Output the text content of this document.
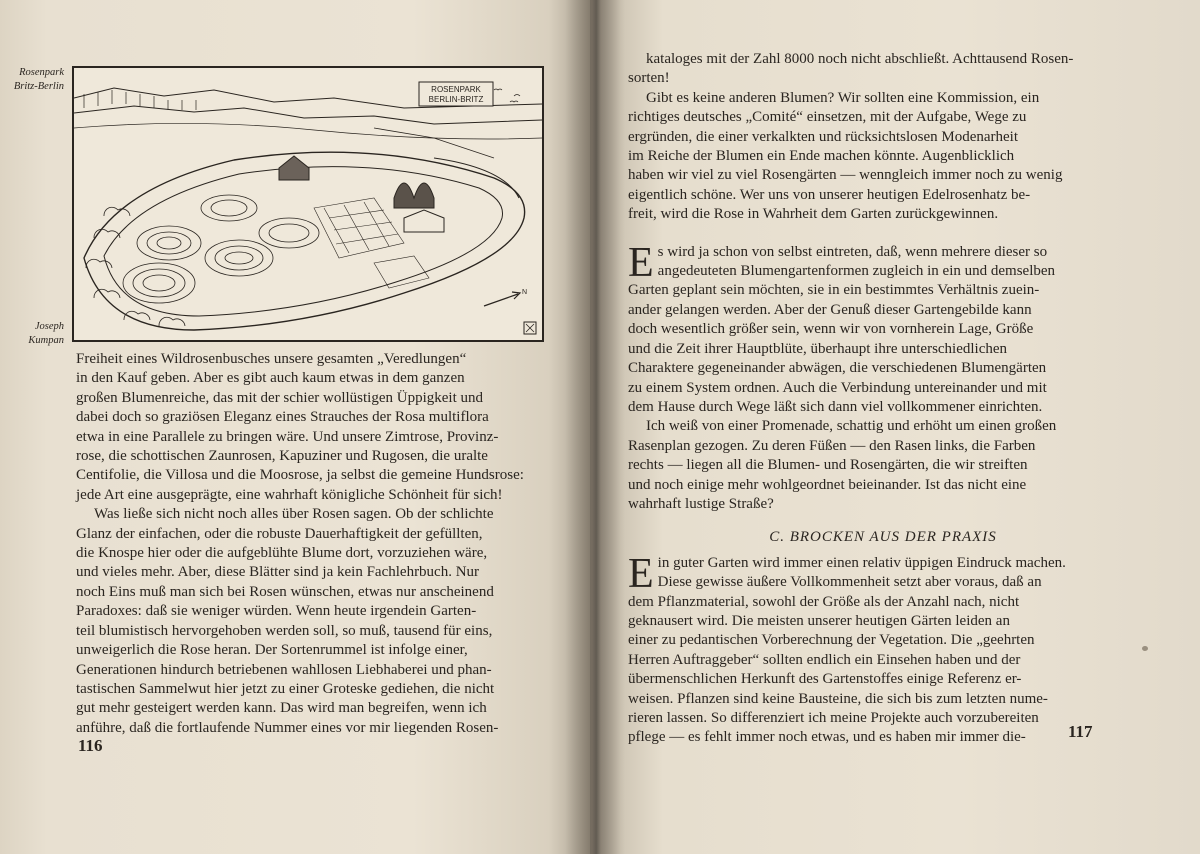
Rosenpark
Britz-Berlin
Joseph
Kumpan
ROSENPARK
BERLIN-BRITZ
N

Freiheit eines Wildrosenbusches unsere gesamten „Veredlungen“

in den Kauf geben. Aber es gibt auch kaum etwas in dem ganzen

großen Blumenreiche, das mit der schier wollüstigen Üppigkeit und

dabei doch so graziösen Eleganz eines Strauches der Rosa multiflora

etwa in eine Parallele zu bringen wäre. Und unsere Zimtrose, Provinz-

rose, die schottischen Zaunrosen, Kapuziner und Rugosen, die uralte

Centifolie, die Villosa und die Moosrose, ja selbst die gemeine Hundsrose:

jede Art eine ausgeprägte, eine wahrhaft königliche Schönheit für sich!

Was ließe sich nicht noch alles über Rosen sagen. Ob der schlichte

Glanz der einfachen, oder die robuste Dauerhaftigkeit der gefüllten,

die Knospe hier oder die aufgeblühte Blume dort, vorzuziehen wäre,

und vieles mehr. Aber, diese Blätter sind ja kein Fachlehrbuch. Nur

noch Eins muß man sich bei Rosen wünschen, etwas nur anscheinend

Paradoxes: daß sie weniger würden. Wenn heute irgendein Garten-

teil blumistisch hervorgehoben werden soll, so muß, tausend für eins,

unweigerlich die Rose heran. Der Sortenrummel ist infolge einer,

Generationen hindurch betriebenen wahllosen Liebhaberei und phan-

tastischen Sammelwut hier jetzt zu einer Groteske gediehen, die nicht

gut mehr gesteigert werden kann. Das wird man begreifen, wenn ich

anführe, daß die fortlaufende Nummer eines vor mir liegenden Rosen-

116

kataloges mit der Zahl 8000 noch nicht abschließt. Achttausend Rosen-

sorten!

Gibt es keine anderen Blumen? Wir sollten eine Kommission, ein

richtiges deutsches „Comité“ einsetzen, mit der Aufgabe, Wege zu

ergründen, die einer verkalkten und rücksichtslosen Modenarheit

im Reiche der Blumen ein Ende machen könnte. Augenblicklich

haben wir viel zu viel Rosengärten — wenngleich immer noch zu wenig

eigentlich schöne. Wer uns von unserer heutigen Edelrosenhatz be-

freit, wird die Rose in Wahrheit dem Garten zurückgewinnen.

E s wird ja schon von selbst eintreten, daß, wenn mehrere dieser so

angedeuteten Blumengartenformen zugleich in ein und demselben

Garten geplant sein möchten, sie in ein bestimmtes Verhältnis zuein-

ander gelangen werden. Aber der Genuß dieser Gartengebilde kann

doch wesentlich größer sein, wenn wir von vornherein Lage, Größe

und die Zeit ihrer Hauptblüte, überhaupt ihre unterschiedlichen

Charaktere gegeneinander abwägen, die verschiedenen Blumengärten

zu einem System ordnen. Auch die Verbindung untereinander und mit

dem Hause durch Wege läßt sich dann viel vollkommener einrichten.

Ich weiß von einer Promenade, schattig und erhöht um einen großen

Rasenplan gezogen. Zu deren Füßen — den Rasen links, die Farben

rechts — liegen all die Blumen- und Rosengärten, die wir streiften

und noch einige mehr wohlgeordnet beieinander. Ist das nicht eine

wahrhaft lustige Straße?

C. BROCKEN AUS DER PRAXIS

E in guter Garten wird immer einen relativ üppigen Eindruck machen.

Diese gewisse äußere Vollkommenheit setzt aber voraus, daß an

dem Pflanzmaterial, sowohl der Größe als der Anzahl nach, nicht

geknausert wird. Die meisten unserer heutigen Gärten leiden an

einer zu pedantischen Vorberechnung der Vegetation. Die „geehrten

Herren Auftraggeber“ sollten endlich ein Einsehen haben und der

übermenschlichen Herkunft des Gartenstoffes einige Referenz er-

weisen. Pflanzen sind keine Bausteine, die sich bis zum letzten nume-

rieren lassen. So differenziert ich meine Projekte auch vorzubereiten

pflege — es fehlt immer noch etwas, und es haben mir immer die-	117
